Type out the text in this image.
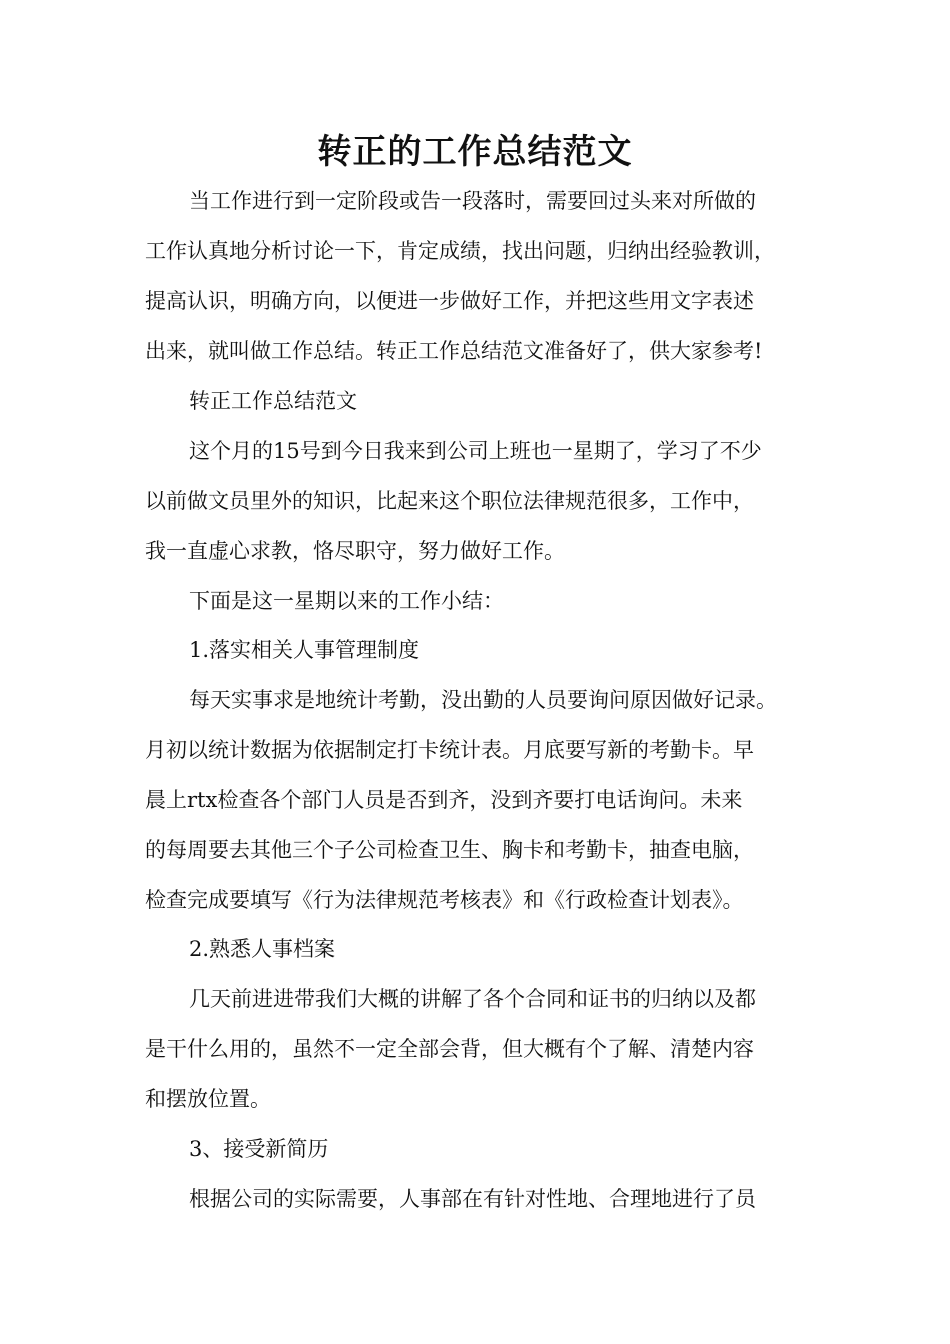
转正的工作总结范文

当工作进行到一定阶段或告一段落时，需要回过头来对所做的

工作认真地分析讨论一下，肯定成绩，找出问题，归纳出经验教训，

提高认识，明确方向，以便进一步做好工作，并把这些用文字表述

出来，就叫做工作总结。转正工作总结范文准备好了，供大家参考!

转正工作总结范文

这个月的15号到今日我来到公司上班也一星期了，学习了不少

以前做文员里外的知识，比起来这个职位法律规范很多，工作中，

我一直虚心求教，恪尽职守，努力做好工作。

下面是这一星期以来的工作小结：

1.落实相关人事管理制度

每天实事求是地统计考勤，没出勤的人员要询问原因做好记录。

月初以统计数据为依据制定打卡统计表。月底要写新的考勤卡。早

晨上rtx检查各个部门人员是否到齐，没到齐要打电话询问。未来

的每周要去其他三个子公司检查卫生、胸卡和考勤卡，抽查电脑，

检查完成要填写《行为法律规范考核表》和《行政检查计划表》。

2.熟悉人事档案

几天前进进带我们大概的讲解了各个合同和证书的归纳以及都

是干什么用的，虽然不一定全部会背，但大概有个了解、清楚内容

和摆放位置。

3、接受新简历

根据公司的实际需要，人事部在有针对性地、合理地进行了员
